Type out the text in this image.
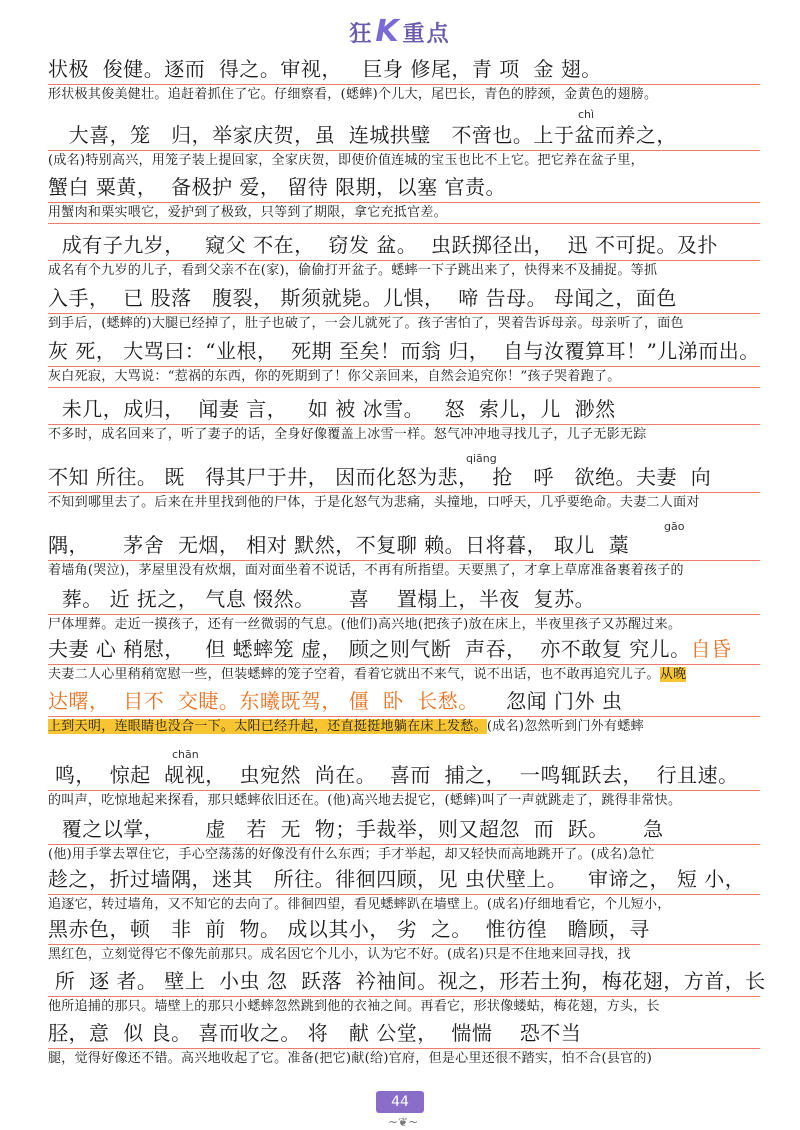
狂K重点
状极  俊健。逐而  得之。审视，   巨身 修尾，青 项  金 翅。
形状极其俊美健壮。追赶着抓住了它。仔细察看，(蟋蟀)个儿大，尾巴长，青色的脖颈，金黄色的翅膀。
chì
大喜，笼   归，举家庆贺，虽  连城拱璧   不啻也。上于盆而养之，
(成名)特别高兴，用笼子装上提回家，全家庆贺，即使价值连城的宝玉也比不上它。把它养在盆子里，
蟹白 粟黄，  备极护 爱， 留待 限期，以塞 官责。
用蟹肉和栗实喂它，爱护到了极致，只等到了期限，拿它充抵官差。
成有子九岁，   窥父 不在，  窃发 盆。  虫跃掷径出，  迅 不可捉。及扑
成名有个九岁的儿子，看到父亲不在(家)，偷偷打开盆子。蟋蟀一下子跳出来了，快得来不及捕捉。等抓
入手，  已 股落   腹裂， 斯须就毙。儿惧，  啼 告母。 母闻之，面色
到手后，(蟋蟀的)大腿已经掉了，肚子也破了，一会儿就死了。孩子害怕了，哭着告诉母亲。母亲听了，面色
灰 死， 大骂曰：“业根，  死期 至矣！而翁 归，  自与汝覆算耳！”儿涕而出。
灰白死寂，大骂说：“惹祸的东西，你的死期到了！你父亲回来，自然会追究你！”孩子哭着跑了。
未几，成归，  闻妻 言，   如 被 冰雪。   怒  索儿，儿  渺然
不多时，成名回来了，听了妻子的话，全身好像覆盖上冰雪一样。怒气冲冲地寻找儿子，儿子无影无踪
qiāng
不知 所往。 既   得其尸于井， 因而化怒为悲，  抢   呼   欲绝。夫妻  向
不知到哪里去了。后来在井里找到他的尸体，于是化怒气为悲痛，头撞地，口呼天，几乎要绝命。夫妻二人面对
gāo
隅，     茅舍  无烟， 相对 默然，不复聊 赖。日将暮， 取儿  藁
着墙角(哭泣)，茅屋里没有炊烟，面对面坐着不说话，不再有所指望。天要黑了，才拿上草席准备裹着孩子的
葬。 近 抚之， 气息 惙然。     喜    置榻上，半夜  复苏。
尸体埋葬。走近一摸孩子，还有一丝微弱的气息。(他们)高兴地(把孩子)放在床上，半夜里孩子又苏醒过来。
夫妻 心 稍慰，   但 蟋蟀笼 虚， 顾之则气断  声吞，  亦不敢复 究儿。自昏
夫妻二人心里稍稍宽慰一些，但装蟋蟀的笼子空着，看着它就出不来气，说不出话，也不敢再追究儿子。从晚
达曙，  目不  交睫。东曦既驾， 僵  卧  长愁。    忽闻 门外 虫
上到天明，连眼睛也没合一下。太阳已经升起，还直挺挺地躺在床上发愁。(成名)忽然听到门外有蟋蟀
chān
鸣，  惊起  觇视，  虫宛然  尚在。  喜而  捕之，  一鸣辄跃去，  行且速。
的叫声，吃惊地起来探看，那只蟋蟀依旧还在。(他)高兴地去捉它，(蟋蟀)叫了一声就跳走了，跳得非常快。
覆之以掌，      虚   若  无  物；手裁举，则又超忽  而  跃。     急
(他)用手掌去罩住它，手心空荡荡的好像没有什么东西；手才举起，却又轻快而高地跳开了。(成名)急忙
趁之，折过墙隅，迷其   所往。徘徊四顾，见 虫伏壁上。   审谛之， 短 小，
追逐它，转过墙角，又不知它的去向了。徘徊四望，看见蟋蟀趴在墙壁上。(成名)仔细地看它，个儿短小，
黑赤色，顿   非  前  物。 成以其小， 劣  之。  惟彷徨   瞻顾，寻
黑红色，立刻觉得它不像先前那只。成名因它个儿小，认为它不好。(成名)只是不住地来回寻找，找
所  逐 者。 壁上  小虫 忽  跃落  衿袖间。视之，形若土狗，梅花翅，方首，长
他所追捕的那只。墙壁上的那只小蟋蟀忽然跳到他的衣袖之间。再看它，形状像蝼蛄，梅花翅，方头，长
胫，意  似 良。 喜而收之。 将   献 公堂，  惴惴    恐不当
腿，觉得好像还不错。高兴地收起了它。准备(把它)献(给)官府，但是心里还很不踏实，怕不合(县官的)
44
~❦~
